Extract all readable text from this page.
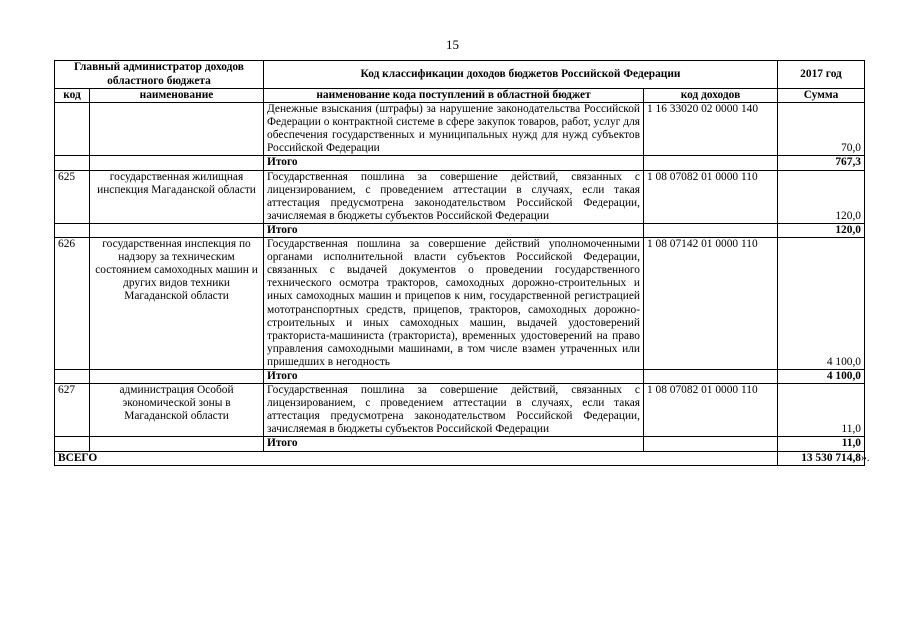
15
Главный администратор доходов областного бюджета		Код классификации доходов бюджетов Российской Федерации		2017 год
код	наименование	наименование кода поступлений в областной бюджет	код доходов	Сумма
		Денежные взыскания (штрафы) за нарушение законодательства Российской Федерации о контрактной системе в сфере закупок товаров, работ, услуг для обеспечения государственных и муниципальных нужд для нужд субъектов Российской Федерации	1 16 33020 02 0000 140	70,0
		Итого		767,3
625	государственная жилищная инспекция Магаданской области	Государственная пошлина за совершение действий, связанных с лицензированием, с проведением аттестации в случаях, если такая аттестация предусмотрена законодательством Российской Федерации, зачисляемая в бюджеты субъектов Российской Федерации	1 08 07082 01 0000 110	120,0
		Итого		120,0
626	государственная инспекция по надзору за техническим состоянием самоходных машин и других видов техники Магаданской области	Государственная пошлина за совершение действий уполномоченными органами исполнительной власти субъектов Российской Федерации, связанных с выдачей документов о проведении государственного технического осмотра тракторов, самоходных дорожно-строительных и иных самоходных машин и прицепов к ним, государственной регистрацией мототранспортных средств, прицепов, тракторов, самоходных дорожно-строительных и иных самоходных машин, выдачей удостоверений тракториста-машиниста (тракториста), временных удостоверений на право управления самоходными машинами, в том числе взамен утраченных или пришедших в негодность	1 08 07142 01 0000 110	4 100,0
		Итого		4 100,0
627	администрация Особой экономической зоны в Магаданской области	Государственная пошлина за совершение действий, связанных с лицензированием, с проведением аттестации в случаях, если такая аттестация предусмотрена законодательством Российской Федерации, зачисляемая в бюджеты субъектов Российской Федерации	1 08 07082 01 0000 110	11,0
		Итого		11,0
ВСЕГО				13 530 714,8 ».
